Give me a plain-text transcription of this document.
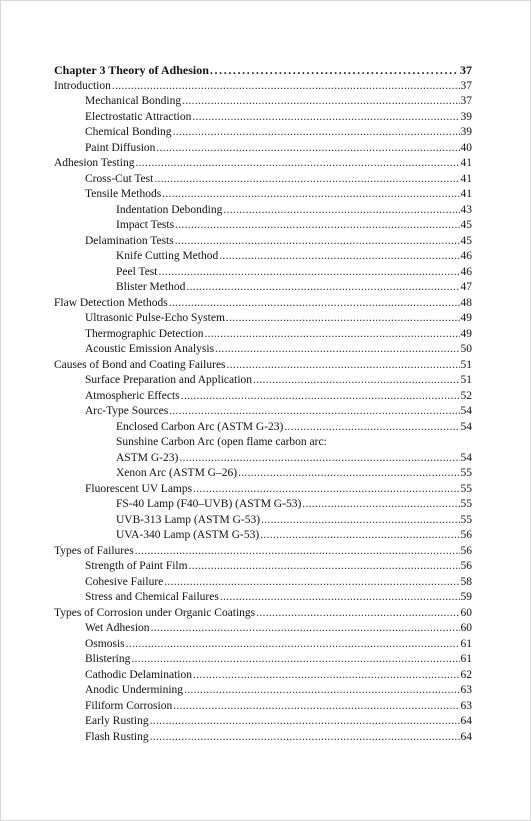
Chapter 3 Theory of Adhesion .....	37
Introduction .....	37
Mechanical Bonding .....	37
Electrostatic Attraction .....	39
Chemical Bonding .....	39
Paint Diffusion .....	40
Adhesion Testing .....	41
Cross-Cut Test .....	41
Tensile Methods .....	41
Indentation Debonding .....	43
Impact Tests .....	45
Delamination Tests .....	45
Knife Cutting Method .....	46
Peel Test .....	46
Blister Method .....	47
Flaw Detection Methods .....	48
Ultrasonic Pulse-Echo System .....	49
Thermographic Detection .....	49
Acoustic Emission Analysis .....	50
Causes of Bond and Coating Failures .....	51
Surface Preparation and Application .....	51
Atmospheric Effects .....	52
Arc-Type Sources .....	54
Enclosed Carbon Arc (ASTM G-23) .....	54
Sunshine Carbon Arc (open flame carbon arc:
ASTM G-23) .....	54
Xenon Arc (ASTM G–26) .....	55
Fluorescent UV Lamps .....	55
FS-40 Lamp (F40–UVB) (ASTM G-53) .....	55
UVB-313 Lamp (ASTM G-53) .....	55
UVA-340 Lamp (ASTM G-53) .....	56
Types of Failures .....	56
Strength of Paint Film .....	56
Cohesive Failure .....	58
Stress and Chemical Failures .....	59
Types of Corrosion under Organic Coatings .....	60
Wet Adhesion .....	60
Osmosis .....	61
Blistering .....	61
Cathodic Delamination .....	62
Anodic Undermining .....	63
Filiform Corrosion .....	63
Early Rusting .....	64
Flash Rusting .....	64
